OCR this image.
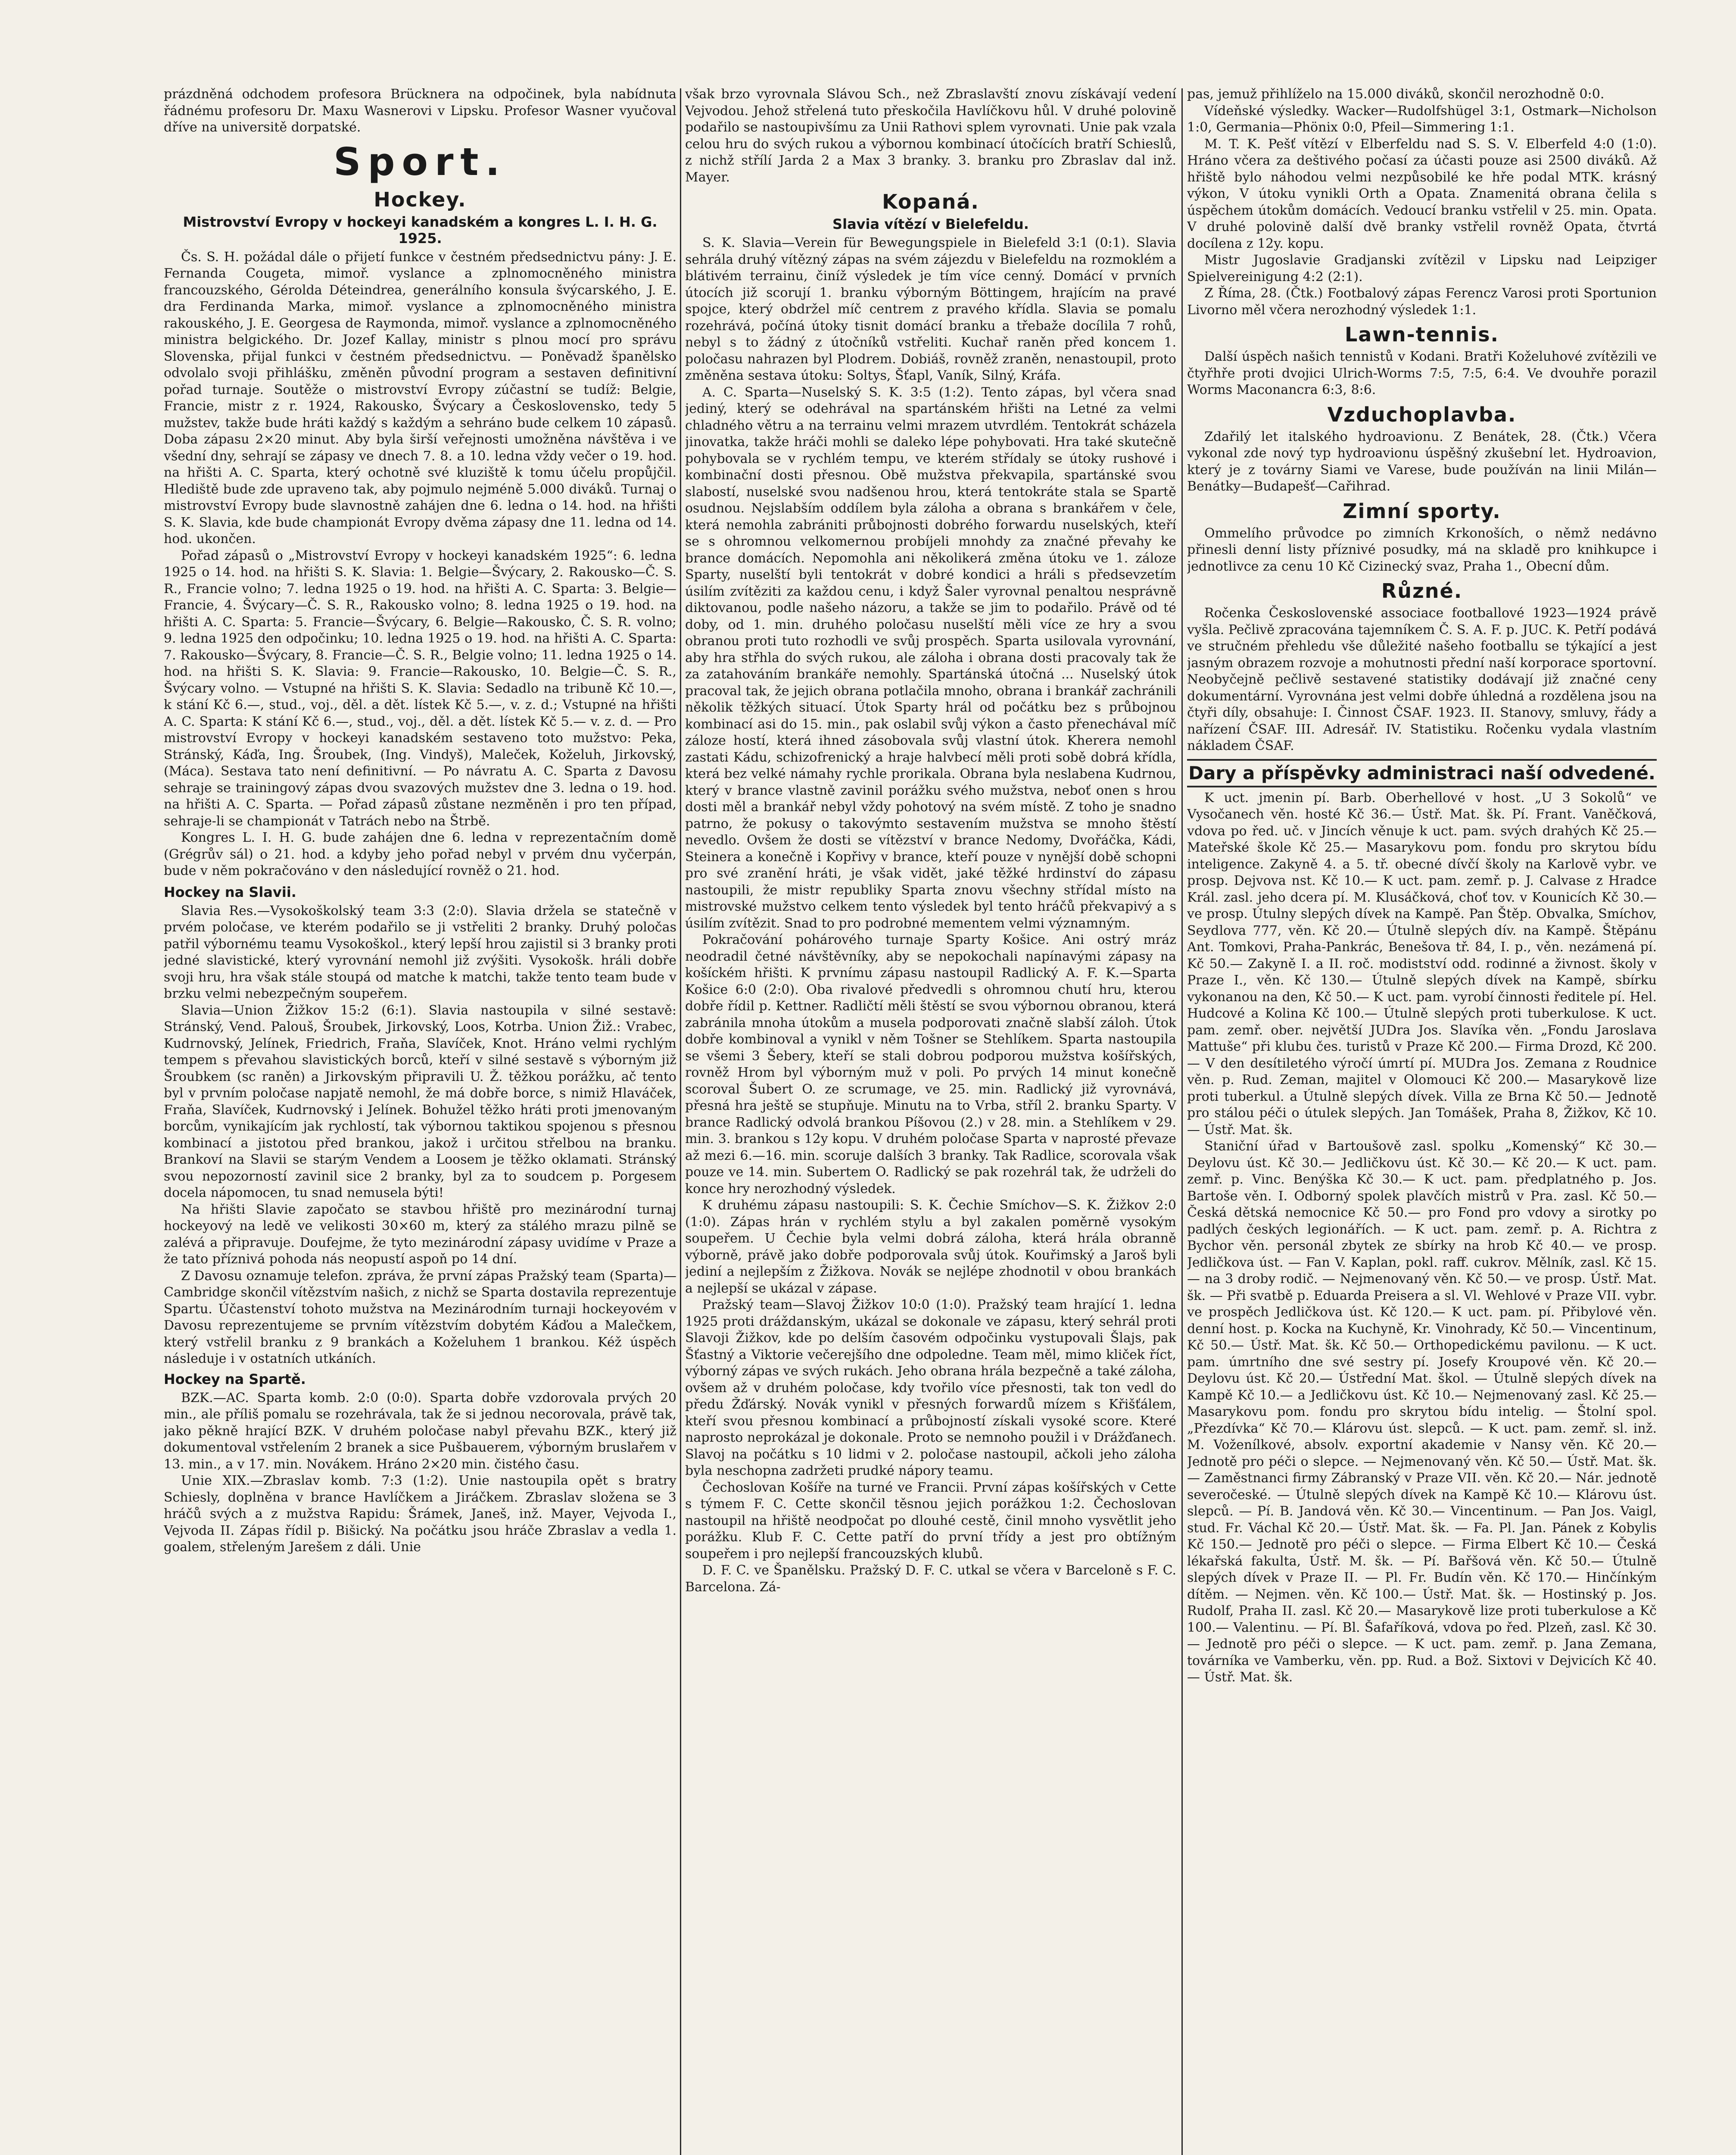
prázdněná odchodem profesora Brücknera na odpočinek, byla nabídnuta řádnému profesoru Dr. Maxu Wasnerovi v Lipsku. Profesor Wasner vyučoval dříve na universitě dorpatské.

Sport.
Hockey.
Mistrovství Evropy v hockeyi kanadském a kongres L. I. H. G. 1925.

Čs. S. H. požádal dále o přijetí funkce v čestném předsednictvu pány: J. E. Fernanda Cougeta, mimoř. vyslance a zplnomocněného ministra francouzského, Gérolda Déteindrea, generálního konsula švýcarského, J. E. dra Ferdinanda Marka, mimoř. vyslance a zplnomocněného ministra rakouského, J. E. Georgesa de Raymonda, mimoř. vyslance a zplnomocněného ministra belgického. Dr. Jozef Kallay, ministr s plnou mocí pro správu Slovenska, přijal funkci v čestném předsednictvu. — Poněvadž španělsko odvolalo svoji přihlášku, změněn původní program a sestaven definitivní pořad turnaje. Soutěže o mistrovství Evropy zúčastní se tudíž: Belgie, Francie, mistr z r. 1924, Rakousko, Švýcary a Československo, tedy 5 mužstev, takže bude hráti každý s každým a sehráno bude celkem 10 zápasů. Doba zápasu 2×20 minut. Aby byla širší veřejnosti umožněna návštěva i ve všední dny, sehrají se zápasy ve dnech 7. 8. a 10. ledna vždy večer o 19. hod. na hřišti A. C. Sparta, který ochotně své kluziště k tomu účelu propůjčil. Hlediště bude zde upraveno tak, aby pojmulo nejméně 5.000 diváků. Turnaj o mistrovství Evropy bude slavnostně zahájen dne 6. ledna o 14. hod. na hřišti S. K. Slavia, kde bude championát Evropy dvěma zápasy dne 11. ledna od 14. hod. ukončen.

Pořad zápasů o „Mistrovství Evropy v hockeyi kanadském 1925“: 6. ledna 1925 o 14. hod. na hřišti S. K. Slavia: 1. Belgie—Švýcary, 2. Rakousko—Č. S. R., Francie volno; 7. ledna 1925 o 19. hod. na hřišti A. C. Sparta: 3. Belgie—Francie, 4. Švýcary—Č. S. R., Rakousko volno; 8. ledna 1925 o 19. hod. na hřišti A. C. Sparta: 5. Francie—Švýcary, 6. Belgie—Rakousko, Č. S. R. volno; 9. ledna 1925 den odpočinku; 10. ledna 1925 o 19. hod. na hřišti A. C. Sparta: 7. Rakousko—Švýcary, 8. Francie—Č. S. R., Belgie volno; 11. ledna 1925 o 14. hod. na hřišti S. K. Slavia: 9. Francie—Rakousko, 10. Belgie—Č. S. R., Švýcary volno. — Vstupné na hřišti S. K. Slavia: Sedadlo na tribuně Kč 10.—, k stání Kč 6.—, stud., voj., děl. a dět. lístek Kč 5.—, v. z. d.; Vstupné na hřišti A. C. Sparta: K stání Kč 6.—, stud., voj., děl. a dět. lístek Kč 5.— v. z. d. — Pro mistrovství Evropy v hockeyi kanadském sestaveno toto mužstvo: Peka, Stránský, Káďa, Ing. Šroubek, (Ing. Vindyš), Maleček, Koželuh, Jirkovský, (Máca). Sestava tato není definitivní. — Po návratu A. C. Sparta z Davosu sehraje se trainingový zápas dvou svazových mužstev dne 3. ledna o 19. hod. na hřišti A. C. Sparta. — Pořad zápasů zůstane nezměněn i pro ten případ, sehraje-li se championát v Tatrách nebo na Štrbě.

Kongres L. I. H. G. bude zahájen dne 6. ledna v reprezentačním domě (Grégrův sál) o 21. hod. a kdyby jeho pořad nebyl v prvém dnu vyčerpán, bude v něm pokračováno v den následující rovněž o 21. hod.

Hockey na Slavii.

Slavia Res.—Vysokoškolský team 3:3 (2:0). Slavia držela se statečně v prvém poločase, ve kterém podařilo se ji vstřeliti 2 branky. Druhý poločas patřil výbornému teamu Vysokoškol., který lepší hrou zajistil si 3 branky proti jedné slavistické, který vyrovnání nemohl již zvýšiti. Vysokošk. hráli dobře svoji hru, hra však stále stoupá od matche k matchi, takže tento team bude v brzku velmi nebezpečným soupeřem.

Slavia—Union Žižkov 15:2 (6:1). Slavia nastoupila v silné sestavě: Stránský, Vend. Palouš, Šroubek, Jirkovský, Loos, Kotrba. Union Žiž.: Vrabec, Kudrnovský, Jelínek, Friedrich, Fraňa, Slavíček, Knot. Hráno velmi rychlým tempem s převahou slavistických borců, kteří v silné sestavě s výborným již Šroubkem (sc raněn) a Jirkovským připravili U. Ž. těžkou porážku, ač tento byl v prvním poločase napjatě nemohl, že má dobře borce, s nimiž Hlaváček, Fraňa, Slavíček, Kudrnovský i Jelínek. Bohužel těžko hráti proti jmenovaným borcům, vynikajícím jak rychlostí, tak výbornou taktikou spojenou s přesnou kombinací a jistotou před brankou, jakož i určitou střelbou na branku. Brankoví na Slavii se starým Vendem a Loosem je těžko oklamati. Stránský svou nepozorností zavinil sice 2 branky, byl za to soudcem p. Porgesem docela nápomocen, tu snad nemusela býti!

Na hřišti Slavie započato se stavbou hřiště pro mezinárodní turnaj hockeyový na ledě ve velikosti 30×60 m, který za stálého mrazu pilně se zalévá a připravuje. Doufejme, že tyto mezinárodní zápasy uvidíme v Praze a že tato příznivá pohoda nás neopustí aspoň po 14 dní.

Z Davosu oznamuje telefon. zpráva, že první zápas Pražský team (Sparta)—Cambridge skončil vítězstvím našich, z nichž se Sparta dostavila reprezentuje Spartu. Účastenství tohoto mužstva na Mezinárodním turnaji hockeyovém v Davosu reprezentujeme se prvním vítězstvím dobytém Káďou a Malečkem, který vstřelil branku z 9 brankách a Koželuhem 1 brankou. Kéž úspěch následuje i v ostatních utkáních.

Hockey na Spartě.

BZK.—AC. Sparta komb. 2:0 (0:0). Sparta dobře vzdorovala prvých 20 min., ale příliš pomalu se rozehrávala, tak že si jednou necorovala, právě tak, jako pěkně hrající BZK. V druhém poločase nabyl převahu BZK., který již dokumentoval vstřelením 2 branek a sice Pušbauerem, výborným bruslařem v 13. min., a v 17. min. Novákem. Hráno 2×20 min. čistého času.

Unie XIX.—Zbraslav komb. 7:3 (1:2). Unie nastoupila opět s bratry Schiesly, doplněna v brance Havlíčkem a Jiráčkem. Zbraslav složena se 3 hráčů svých a z mužstva Rapidu: Šrámek, Janeš, inž. Mayer, Vejvoda I., Vejvoda II. Zápas řídil p. Bišický. Na počátku jsou hráče Zbraslav a vedla 1. goalem, střeleným Jarešem z dáli. Unie

však brzo vyrovnala Slávou Sch., než Zbraslavští znovu získávají vedení Vejvodou. Jehož střelená tuto přeskočila Havlíčkovu hůl. V druhé polovině podařilo se nastoupivšímu za Unii Rathovi splem vyrovnati. Unie pak vzala celou hru do svých rukou a výbornou kombinací útočících bratří Schieslů, z nichž střílí Jarda 2 a Max 3 branky. 3. branku pro Zbraslav dal inž. Mayer.

Kopaná.
Slavia vítězí v Bielefeldu.

S. K. Slavia—Verein für Bewegungspiele in Bielefeld 3:1 (0:1). Slavia sehrála druhý vítězný zápas na svém zájezdu v Bielefeldu na rozmoklém a blátivém terrainu, činíž výsledek je tím více cenný. Domácí v prvních útocích již scorují 1. branku výborným Böttingem, hrajícím na pravé spojce, který obdržel míč centrem z pravého křídla. Slavia se pomalu rozehrává, počíná útoky tisnit domácí branku a třebaže docílila 7 rohů, nebyl s to žádný z útočníků vstřeliti. Kuchař raněn před koncem 1. poločasu nahrazen byl Plodrem. Dobiáš, rovněž zraněn, nenastoupil, proto změněna sestava útoku: Soltys, Šťapl, Vaník, Silný, Kráfa.

A. C. Sparta—Nuselský S. K. 3:5 (1:2). Tento zápas, byl včera snad jediný, který se odehrával na spartánském hřišti na Letné za velmi chladného větru a na terrainu velmi mrazem utvrdlém. Tentokrát scházela jinovatka, takže hráči mohli se daleko lépe pohybovati. Hra také skutečně pohybovala se v rychlém tempu, ve kterém střídaly se útoky rushové i kombinační dosti přesnou. Obě mužstva překvapila, spartánské svou slabostí, nuselské svou nadšenou hrou, která tentokráte stala se Spartě osudnou. Nejslabším oddílem byla záloha a obrana s brankářem v čele, která nemohla zabrániti průbojnosti dobrého forwardu nuselských, kteří se s ohromnou velkomernou probíjeli mnohdy za značné převahy ke brance domácích. Nepomohla ani několikerá změna útoku ve 1. záloze Sparty, nuselští byli tentokrát v dobré kondici a hráli s předsevzetím úsilím zvítěziti za každou cenu, i když Šaler vyrovnal penaltou nesprávně diktovanou, podle našeho názoru, a takže se jim to podařilo. Právě od té doby, od 1. min. druhého poločasu nuselští měli více ze hry a svou obranou proti tuto rozhodli ve svůj prospěch. Sparta usilovala vyrovnání, aby hra střhla do svých rukou, ale záloha i obrana dosti pracovaly tak že za zatahováním brankáře nemohly. Spartánská útočná ... Nuselský útok pracoval tak, že jejich obrana potlačila mnoho, obrana i brankář zachránili několik těžkých situací. Útok Sparty hrál od počátku bez s průbojnou kombinací asi do 15. min., pak oslabil svůj výkon a často přenechával míč záloze hostí, která ihned zásobovala svůj vlastní útok. Kherera nemohl zastati Kádu, schizofrenický a hraje halvbecí měli proti sobě dobrá křídla, která bez velké námahy rychle prorikala. Obrana byla neslabena Kudrnou, který v brance vlastně zavinil porážku svého mužstva, neboť onen s hrou dosti měl a brankář nebyl vždy pohotový na svém místě. Z toho je snadno patrno, že pokusy o takovýmto sestavením mužstva se mnoho štěstí nevedlo. Ovšem že dosti se vítězství v brance Nedomy, Dvořáčka, Kádi, Steinera a konečně i Kopřivy v brance, kteří pouze v nynější době schopni pro své zranění hráti, je však vidět, jaké těžké hrdinství do zápasu nastoupili, že mistr republiky Sparta znovu všechny střídal místo na mistrovské mužstvo celkem tento výsledek byl tento hráčů překvapivý a s úsilím zvítězit. Snad to pro podrobné mementem velmi významným.

Pokračování pohárového turnaje Sparty Košice. Ani ostrý mráz neodradil četné návštěvníky, aby se nepokochali napínavými zápasy na košíckém hřišti. K prvnímu zápasu nastoupil Radlický A. F. K.—Sparta Košice 6:0 (2:0). Oba rivalové předvedli s ohromnou chutí hru, kterou dobře řídil p. Kettner. Radličtí měli štěstí se svou výbornou obranou, která zabránila mnoha útokům a musela podporovati značně slabší záloh. Útok dobře kombinoval a vynikl v něm Tošner se Stehlíkem. Sparta nastoupila se všemi 3 Šebery, kteří se stali dobrou podporou mužstva košířských, rovněž Hrom byl výborným muž v poli. Po prvých 14 minut konečně scoroval Šubert O. ze scrumage, ve 25. min. Radlický již vyrovnává, přesná hra ještě se stupňuje. Minutu na to Vrba, stříl 2. branku Sparty. V brance Radlický odvolá brankou Píšovou (2.) v 28. min. a Stehlíkem v 29. min. 3. brankou s 12y kopu. V druhém poločase Sparta v naprosté převaze až mezi 6.—16. min. scoruje dalších 3 branky. Tak Radlice, scorovala však pouze ve 14. min. Subertem O. Radlický se pak rozehrál tak, že udrželi do konce hry nerozhodný výsledek.

K druhému zápasu nastoupili: S. K. Čechie Smíchov—S. K. Žižkov 2:0 (1:0). Zápas hrán v rychlém stylu a byl zakalen poměrně vysokým soupeřem. U Čechie byla velmi dobrá záloha, která hrála obranně výborně, právě jako dobře podporovala svůj útok. Kouřimský a Jaroš byli jediní a nejlepším z Žižkova. Novák se nejlépe zhodnotil v obou brankách a nejlepší se ukázal v zápase.

Pražský team—Slavoj Žižkov 10:0 (1:0). Pražský team hrající 1. ledna 1925 proti dráždanským, ukázal se dokonale ve zápasu, který sehrál proti Slavoji Žižkov, kde po delším časovém odpočinku vystupovali Šlajs, pak Šťastný a Viktorie večerejšího dne odpoledne. Team měl, mimo kliček říct, výborný zápas ve svých rukách. Jeho obrana hrála bezpečně a také záloha, ovšem až v druhém poločase, kdy tvořilo více přesnosti, tak ton vedl do předu Žďárský. Novák vynikl v přesných forwardů mízem s Křišťálem, kteří svou přesnou kombinací a průbojností získali vysoké score. Které naprosto neprokázal je dokonale. Proto se nemnoho použil i v Drážďanech. Slavoj na počátku s 10 lidmi v 2. poločase nastoupil, ačkoli jeho záloha byla neschopna zadržeti prudké nápory teamu.

Čechoslovan Košíře na turné ve Francii. První zápas košířských v Cette s týmem F. C. Cette skončil těsnou jejich porážkou 1:2. Čechoslovan nastoupil na hřiště neodpočat po dlouhé cestě, činil mnoho vysvětlit jeho porážku. Klub F. C. Cette patří do první třídy a jest pro obtížným soupeřem i pro nejlepší francouzských klubů.

D. F. C. ve Španělsku. Pražský D. F. C. utkal se včera v Barceloně s F. C. Barcelona. Zá-

pas, jemuž přihlíželo na 15.000 diváků, skončil nerozhodně 0:0.

Vídeňské výsledky. Wacker—Rudolfshügel 3:1, Ostmark—Nicholson 1:0, Germania—Phönix 0:0, Pfeil—Simmering 1:1.

M. T. K. Pešť vítězí v Elberfeldu nad S. S. V. Elberfeld 4:0 (1:0). Hráno včera za deštivého počasí za účasti pouze asi 2500 diváků. Až hřiště bylo náhodou velmi nezpůsobilé ke hře podal MTK. krásný výkon, V útoku vynikli Orth a Opata. Znamenitá obrana čelila s úspěchem útokům domácích. Vedoucí branku vstřelil v 25. min. Opata. V druhé polovině další dvě branky vstřelil rovněž Opata, čtvrtá docílena z 12y. kopu.

Mistr Jugoslavie Gradjanski zvítězil v Lipsku nad Leipziger Spielvereinigung 4:2 (2:1).

Z Říma, 28. (Čtk.) Footbalový zápas Ferencz Varosi proti Sportunion Livorno měl včera nerozhodný výsledek 1:1.

Lawn-tennis.

Další úspěch našich tennistů v Kodani. Bratři Koželuhové zvítězili ve čtyřhře proti dvojici Ulrich-Worms 7:5, 7:5, 6:4. Ve dvouhře porazil Worms Maconancra 6:3, 8:6.

Vzduchoplavba.

Zdařilý let italského hydroavionu. Z Benátek, 28. (Čtk.) Včera vykonal zde nový typ hydroavionu úspěšný zkušební let. Hydroavion, který je z továrny Siami ve Varese, bude používán na linii Milán—Benátky—Budapešť—Cařihrad.

Zimní sporty.

Ommelího průvodce po zimních Krkonoších, o němž nedávno přinesli denní listy příznivé posudky, má na skladě pro knihkupce i jednotlivce za cenu 10 Kč Cizinecký svaz, Praha 1., Obecní dům.

Různé.

Ročenka Československé associace footballové 1923—1924 právě vyšla. Pečlivě zpracována tajemníkem Č. S. A. F. p. JUC. K. Petří podává ve stručném přehledu vše důležité našeho footballu se týkající a jest jasným obrazem rozvoje a mohutnosti přední naší korporace sportovní. Neobyčejně pečlivě sestavené statistiky dodávají již značné ceny dokumentární. Vyrovnána jest velmi dobře úhledná a rozdělena jsou na čtyři díly, obsahuje: I. Činnost ČSAF. 1923. II. Stanovy, smluvy, řády a nařízení ČSAF. III. Adresář. IV. Statistiku. Ročenku vydala vlastním nákladem ČSAF.

Dary a příspěvky administraci naší odvedené.

K uct. jmenin pí. Barb. Oberhellové v host. „U 3 Sokolů“ ve Vysočanech věn. hosté Kč 36.— Ústř. Mat. šk. Pí. Frant. Vaněčková, vdova po řed. uč. v Jincích věnuje k uct. pam. svých drahých Kč 25.— Mateřské škole Kč 25.— Masarykovu pom. fondu pro skrytou bídu inteligence. Zakyně 4. a 5. tř. obecné dívčí školy na Karlově vybr. ve prosp. Dejvova nst. Kč 10.— K uct. pam. zemř. p. J. Calvase z Hradce Král. zasl. jeho dcera pí. M. Klusáčková, choť tov. v Kounicích Kč 30.— ve prosp. Útulny slepých dívek na Kampě. Pan Štěp. Obvalka, Smíchov, Seydlova 777, věn. Kč 20.— Útulně slepých dív. na Kampě. Štěpánu Ant. Tomkovi, Praha-Pankrác, Benešova tř. 84, I. p., věn. nezámená pí. Kč 50.— Zakyně I. a II. roč. modistství odd. rodinné a živnost. školy v Praze I., věn. Kč 130.— Útulně slepých dívek na Kampě, sbírku vykonanou na den, Kč 50.— K uct. pam. vyrobí činnosti ředitele pí. Hel. Hudcové a Kolina Kč 100.— Útulně slepých proti tuberkulose. K uct. pam. zemř. ober. největší JUDra Jos. Slavíka věn. „Fondu Jaroslava Mattuše“ při klubu čes. turistů v Praze Kč 200.— Firma Drozd, Kč 200.— V den desítiletého výročí úmrtí pí. MUDra Jos. Zemana z Roudnice věn. p. Rud. Zeman, majitel v Olomouci Kč 200.— Masarykově lize proti tuberkul. a Útulně slepých dívek. Villa ze Brna Kč 50.— Jednotě pro stálou péči o útulek slepých. Jan Tomášek, Praha 8, Žižkov, Kč 10.— Ústř. Mat. šk.

Staniční úřad v Bartoušově zasl. spolku „Komenský“ Kč 30.— Deylovu úst. Kč 30.— Jedličkovu úst. Kč 30.— Kč 20.— K uct. pam. zemř. p. Vinc. Benýška Kč 30.— K uct. pam. předplatného p. Jos. Bartoše věn. I. Odborný spolek plavčích mistrů v Pra. zasl. Kč 50.— Česká dětská nemocnice Kč 50.— pro Fond pro vdovy a sirotky po padlých českých legionářích. — K uct. pam. zemř. p. A. Richtra z Bychor věn. personál zbytek ze sbírky na hrob Kč 40.— ve prosp. Jedličkova úst. — Fan V. Kaplan, pokl. raff. cukrov. Mělník, zasl. Kč 15.— na 3 droby rodič. — Nejmenovaný věn. Kč 50.— ve prosp. Ústř. Mat. šk. — Při svatbě p. Eduarda Preisera a sl. Vl. Wehlové v Praze VII. vybr. ve prospěch Jedličkova úst. Kč 120.— K uct. pam. pí. Přibylové věn. denní host. p. Kocka na Kuchyně, Kr. Vinohrady, Kč 50.— Vincentinum, Kč 50.— Ústř. Mat. šk. Kč 50.— Orthopedickému pavilonu. — K uct. pam. úmrtního dne své sestry pí. Josefy Kroupové věn. Kč 20.— Deylovu úst. Kč 20.— Ústřední Mat. škol. — Útulně slepých dívek na Kampě Kč 10.— a Jedličkovu úst. Kč 10.— Nejmenovaný zasl. Kč 25.— Masarykovu pom. fondu pro skrytou bídu intelig. — Štolní spol. „Přezdívka“ Kč 70.— Klárovu úst. slepců. — K uct. pam. zemř. sl. inž. M. Voženílkové, absolv. exportní akademie v Nansy věn. Kč 20.— Jednotě pro péči o slepce. — Nejmenovaný věn. Kč 50.— Ústř. Mat. šk. — Zaměstnanci firmy Zábranský v Praze VII. věn. Kč 20.— Nár. jednotě severočeské. — Útulně slepých dívek na Kampě Kč 10.— Klárovu úst. slepců. — Pí. B. Jandová věn. Kč 30.— Vincentinum. — Pan Jos. Vaigl, stud. Fr. Váchal Kč 20.— Ústř. Mat. šk. — Fa. Pl. Jan. Pánek z Kobylis Kč 150.— Jednotě pro péči o slepce. — Firma Elbert Kč 10.— Česká lékařská fakulta, Ústř. M. šk. — Pí. Bařšová věn. Kč 50.— Útulně slepých dívek v Praze II. — Pl. Fr. Budín věn. Kč 170.— Hinčínkým dítěm. — Nejmen. věn. Kč 100.— Ústř. Mat. šk. — Hostinský p. Jos. Rudolf, Praha II. zasl. Kč 20.— Masarykově lize proti tuberkulose a Kč 100.— Valentinu. — Pí. Bl. Šafaříková, vdova po řed. Plzeň, zasl. Kč 30.— Jednotě pro péči o slepce. — K uct. pam. zemř. p. Jana Zemana, továrníka ve Vamberku, věn. pp. Rud. a Bož. Sixtovi v Dejvicích Kč 40.— Ústř. Mat. šk.
